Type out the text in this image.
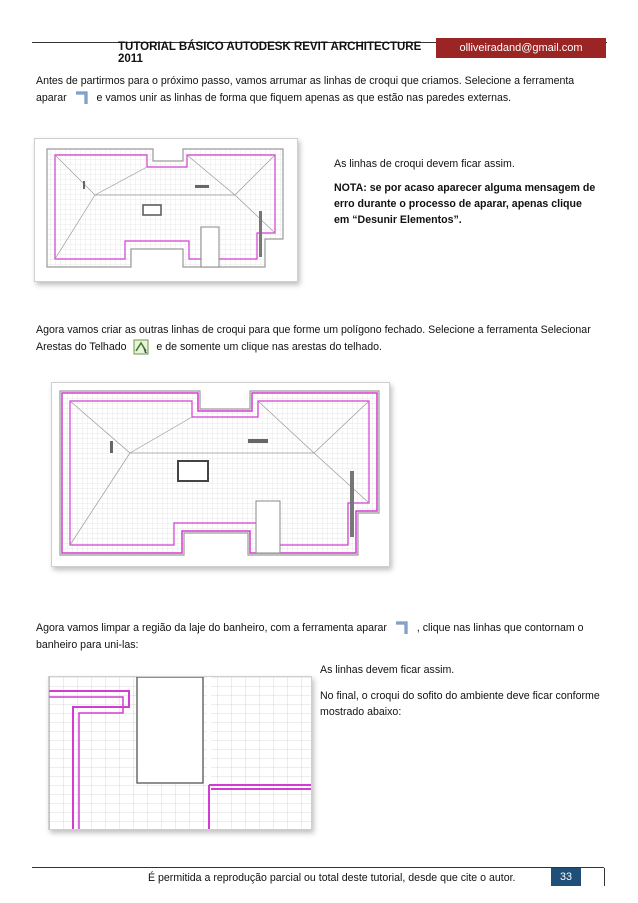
TUTORIAL BÁSICO AUTODESK REVIT ARCHITECTURE 2011
olliveiradand@gmail.com
Antes de partirmos para o próximo passo, vamos arrumar as linhas de croqui que criamos. Selecione a ferramenta aparar	e vamos unir as linhas de forma que fiquem apenas as que estão nas paredes externas.
As linhas de croqui devem ficar assim.
NOTA: se por acaso aparecer alguma mensagem de erro durante o processo de aparar, apenas clique em “Desunir Elementos”.
Agora vamos criar as outras linhas de croqui para que forme um polígono fechado. Selecione a ferramenta Selecionar Arestas do Telhado	e de somente um clique nas arestas do telhado.
Agora vamos limpar a região da laje do banheiro, com a ferramenta aparar	, clique nas linhas que contornam o banheiro para uni-las:
As linhas devem ficar assim.
No final, o croqui do sofito do ambiente deve ficar conforme mostrado abaixo:
É permitida a reprodução parcial ou total deste tutorial, desde que cite o autor.	33
